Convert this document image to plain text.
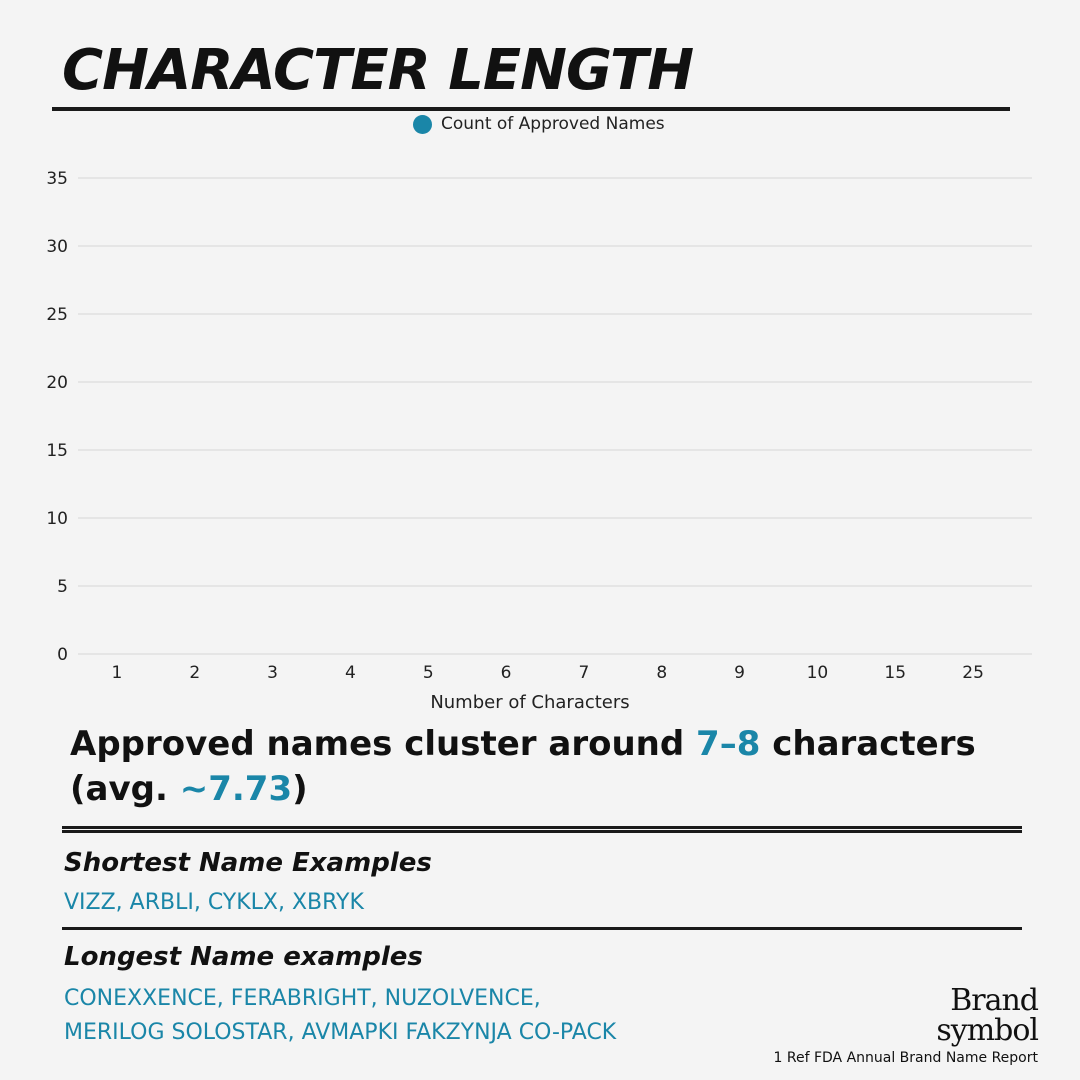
CHARACTER LENGTH
Count of Approved Names
0
5
10
15
20
25
30
35
1	2	3	4	5	6	7	8	9	10	15	25
Number of Characters

Approved names cluster around 7–8 characters
(avg. ~7.73)

Shortest Name Examples

VIZZ, ARBLI, CYKLX, XBRYK

Longest Name examples

CONEXXENCE, FERABRIGHT, NUZOLVENCE,

MERILOG SOLOSTAR, AVMAPKI FAKZYNJA CO-PACK

Brand
symbol
1 Ref FDA Annual Brand Name Report
